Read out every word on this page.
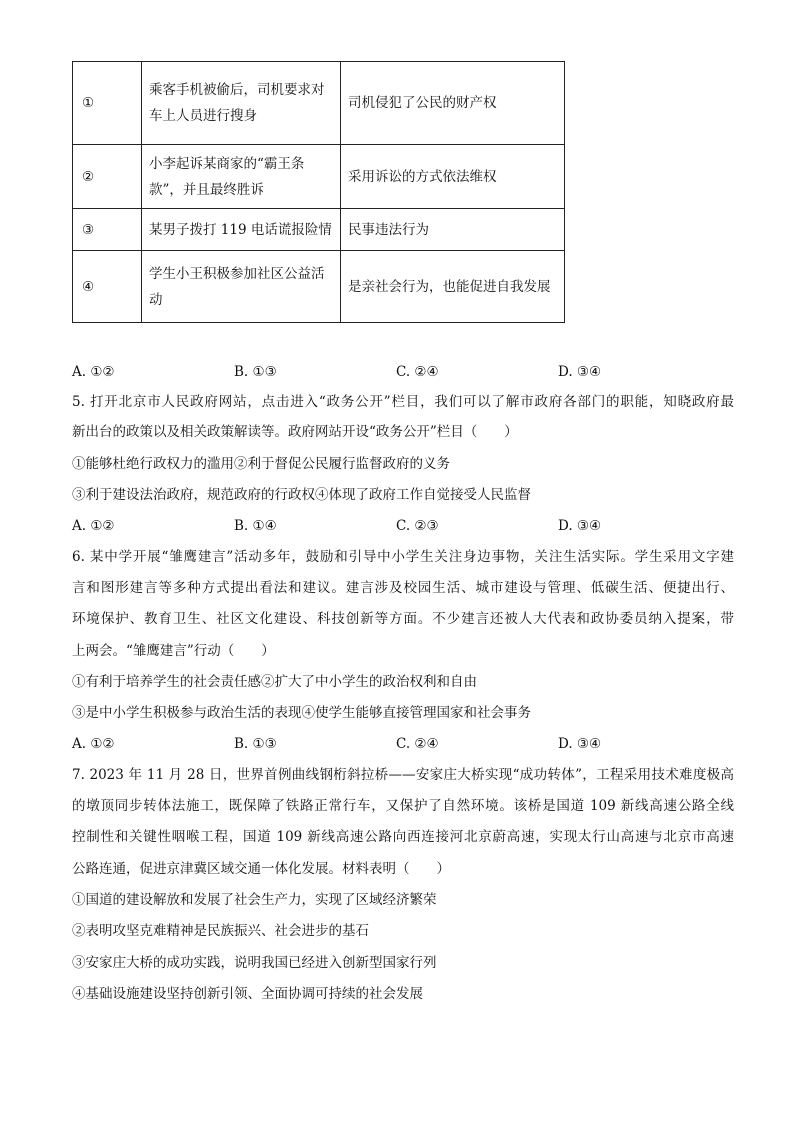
①	乘客手机被偷后，司机要求对车上人员进行搜身	司机侵犯了公民的财产权
②	小李起诉某商家的“霸王条款”，并且最终胜诉	采用诉讼的方式依法维权
③	某男子拨打 119 电话谎报险情	民事违法行为
④	学生小王积极参加社区公益活动	是亲社会行为，也能促进自我发展
A. ①②	B. ①③	C. ②④	D. ③④
5. 打开北京市人民政府网站，点击进入“政务公开”栏目，我们可以了解市政府各部门的职能，知晓政府最
新出台的政策以及相关政策解读等。政府网站开设“政务公开”栏目（　　）
①能够杜绝行政权力的滥用②利于督促公民履行监督政府的义务
③利于建设法治政府，规范政府的行政权④体现了政府工作自觉接受人民监督
A. ①②	B. ①④	C. ②③	D. ③④
6. 某中学开展“雏鹰建言”活动多年，鼓励和引导中小学生关注身边事物，关注生活实际。学生采用文字建
言和图形建言等多种方式提出看法和建议。建言涉及校园生活、城市建设与管理、低碳生活、便捷出行、
环境保护、教育卫生、社区文化建设、科技创新等方面。不少建言还被人大代表和政协委员纳入提案，带
上两会。“雏鹰建言”行动（　　）
①有利于培养学生的社会责任感②扩大了中小学生的政治权利和自由
③是中小学生积极参与政治生活的表现④使学生能够直接管理国家和社会事务
A. ①②	B. ①③	C. ②④	D. ③④
7. 2023 年 11 月 28 日，世界首例曲线钢桁斜拉桥——安家庄大桥实现“成功转体”，工程采用技术难度极高
的墩顶同步转体法施工，既保障了铁路正常行车，又保护了自然环境。该桥是国道 109 新线高速公路全线
控制性和关键性咽喉工程，国道 109 新线高速公路向西连接河北京蔚高速，实现太行山高速与北京市高速
公路连通，促进京津冀区域交通一体化发展。材料表明（　　）
①国道的建设解放和发展了社会生产力，实现了区域经济繁荣
②表明攻坚克难精神是民族振兴、社会进步的基石
③安家庄大桥的成功实践，说明我国已经进入创新型国家行列
④基础设施建设坚持创新引领、全面协调可持续的社会发展
